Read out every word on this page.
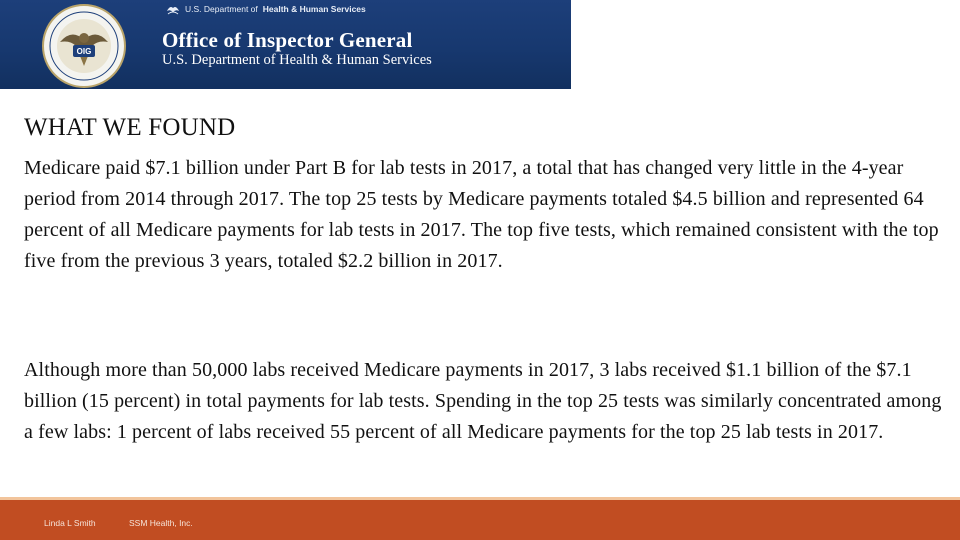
OIG
U.S. Department of Health & Human Services
Office of Inspector General
U.S. Department of Health & Human Services
WHAT WE FOUND

Medicare paid $7.1 billion under Part B for lab tests in 2017, a total that has changed very little in the 4-year period from 2014 through 2017. The top 25 tests by Medicare payments totaled $4.5 billion and represented 64 percent of all Medicare payments for lab tests in 2017. The top five tests, which remained consistent with the top five from the previous 3 years, totaled $2.2 billion in 2017.

Although more than 50,000 labs received Medicare payments in 2017, 3 labs received $1.1 billion of the $7.1 billion (15 percent) in total payments for lab tests. Spending in the top 25 tests was similarly concentrated among a few labs: 1 percent of labs received 55 percent of all Medicare payments for the top 25 lab tests in 2017.

Linda L Smith	SSM Health, Inc.
